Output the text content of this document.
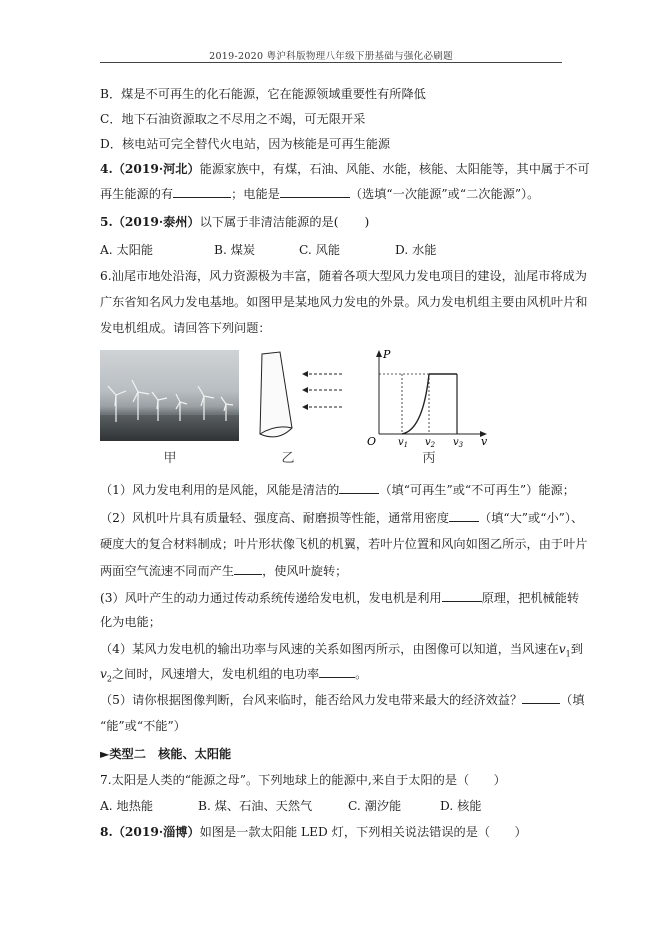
2019-2020 粤沪科版物理八年级下册基础与强化必刷题
B．煤是不可再生的化石能源，它在能源领域重要性有所降低
C．地下石油资源取之不尽用之不竭，可无限开采
D．核电站可完全替代火电站，因为核能是可再生能源
4.（2019·河北）能源家族中，有煤，石油、风能、水能，核能、太阳能等，其中属于不可
再生能源的有	；电能是	（选填“一次能源”或“二次能源”）。
5.（2019·泰州）以下属于非清洁能源的是( )
A. 太阳能	B. 煤炭	C. 风能	D. 水能
6.汕尾市地处沿海，风力资源极为丰富，随着各项大型风力发电项目的建设，汕尾市将成为
广东省知名风力发电基地。如图甲是某地风力发电的外景。风力发电机组主要由风机叶片和
发电机组成。请回答下列问题：
甲	乙
P
O $v_1$ $v_2$ $v_3$ v
丙
（1）风力发电利用的是风能，风能是清洁的	（填“可再生”或“不可再生”）能源；
（2）风机叶片具有质量轻、强度高、耐磨损等性能，通常用密度 （填“大”或“小”）、
硬度大的复合材料制成；叶片形状像飞机的机翼，若叶片位置和风向如图乙所示，由于叶片
两面空气流速不同而产生 ，使风叶旋转；
(3）风叶产生的动力通过传动系统传递给发电机，发电机是利用	原理，把机械能转
化为电能；
（4）某风力发电机的输出功率与风速的关系如图丙所示，由图像可以知道，当风速在$v_1$到
$v_2$之间时，风速增大，发电机组的电功率	。
（5）请你根据图像判断，台风来临时，能否给风力发电带来最大的经济效益？	（填
“能”或“不能”）
►类型二　核能、太阳能
7.太阳是人类的“能源之母”。下列地球上的能源中,来自于太阳的是（　　）
A. 地热能	B. 煤、石油、天然气	C. 潮汐能	D. 核能
8.（2019·淄博）如图是一款太阳能 LED 灯，下列相关说法错误的是（　　）
